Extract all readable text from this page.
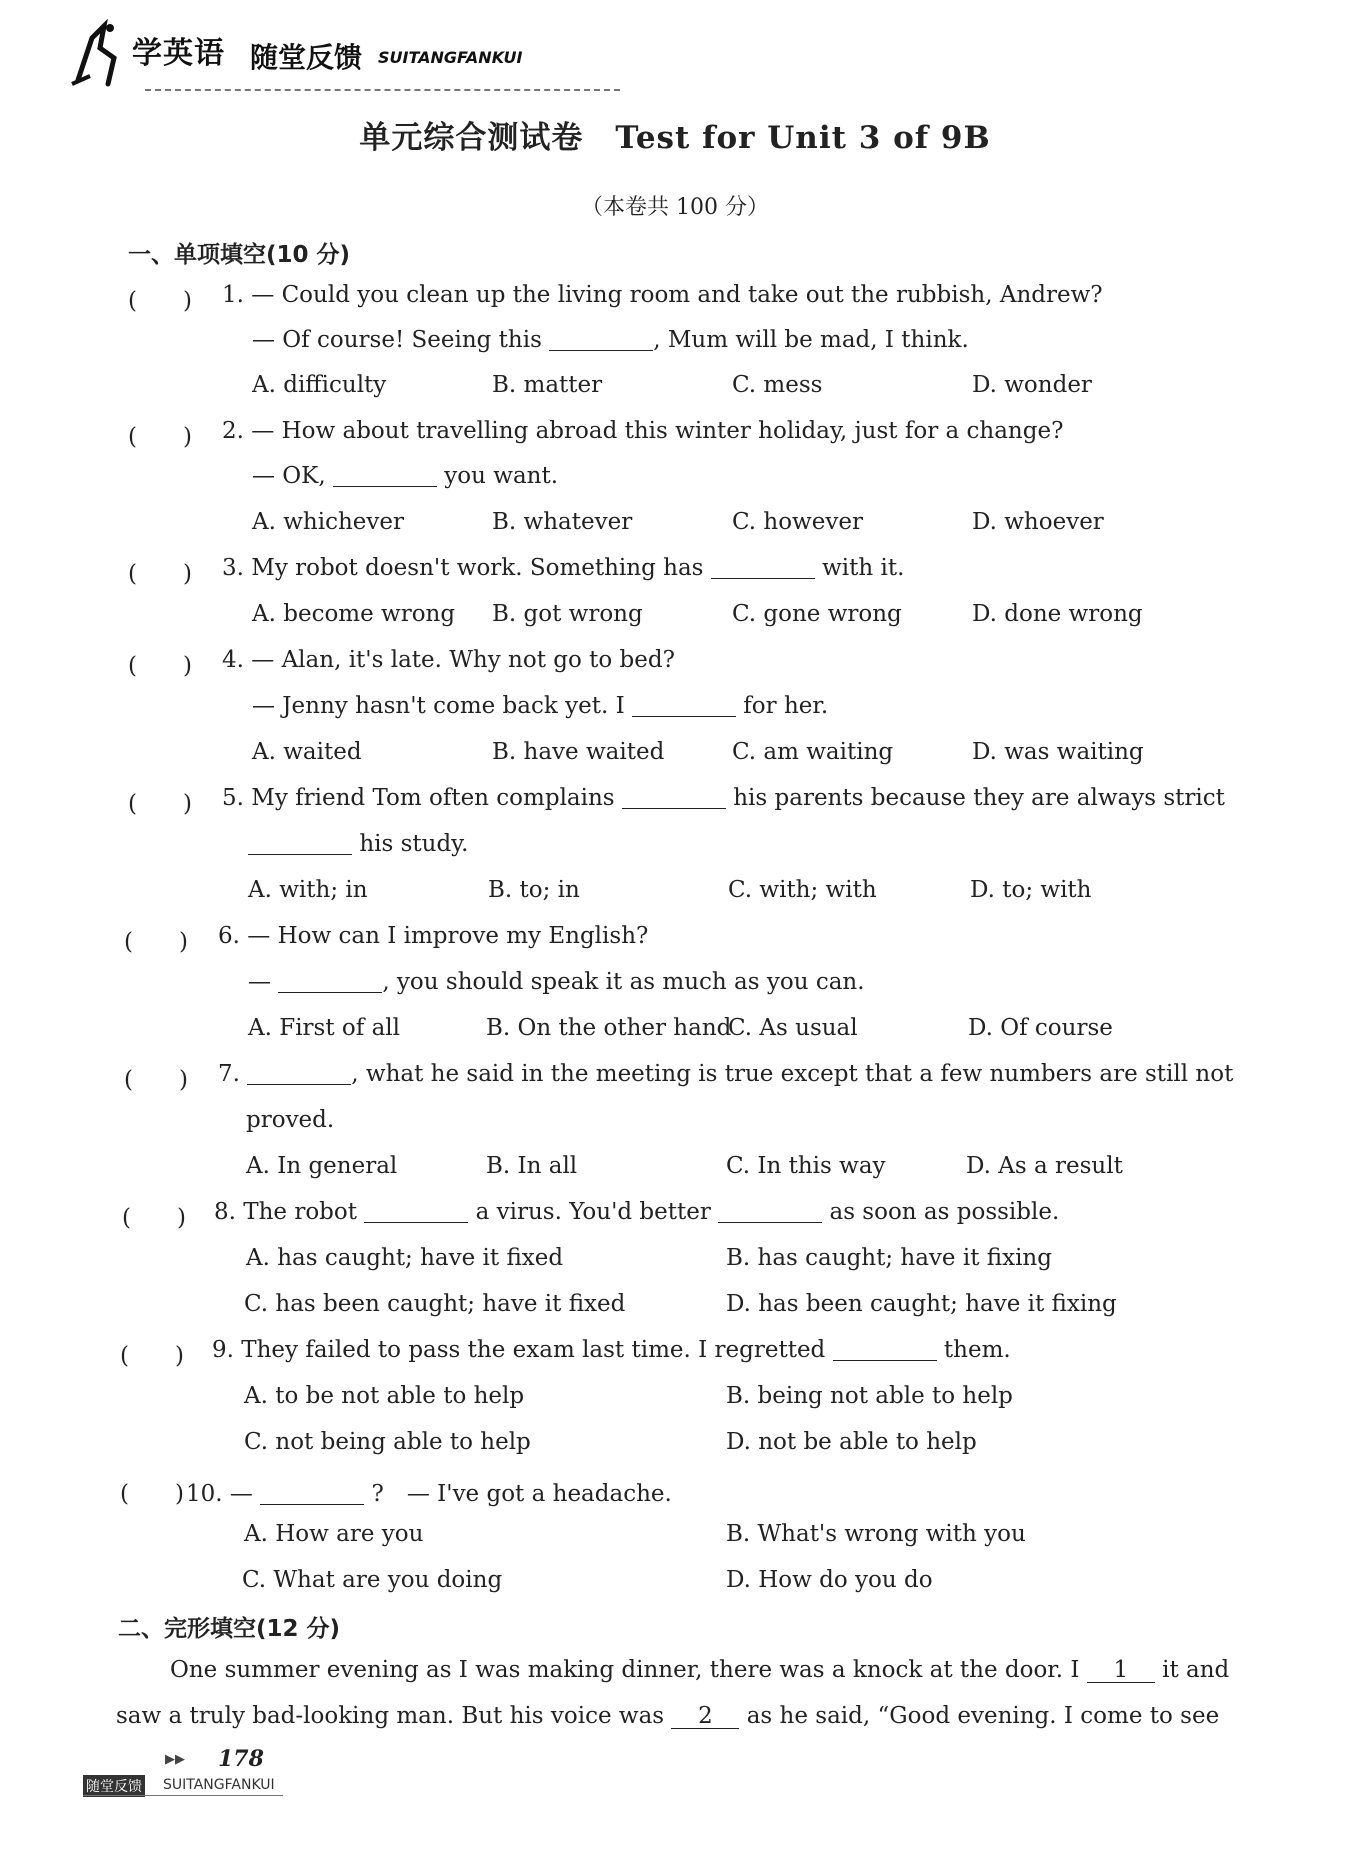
学英语 随堂反馈 SUITANGFANKUI
单元综合测试卷　Test for Unit 3 of 9B
（本卷共 100 分）
一、单项填空(10 分)
(　　) 1. — Could you clean up the living room and take out the rubbish, Andrew?
— Of course! Seeing this	, Mum will be mad, I think.
A. difficulty	B. matter	C. mess	D. wonder
(　　) 2. — How about travelling abroad this winter holiday, just for a change?
— OK,	you want.
A. whichever	B. whatever	C. however	D. whoever
(　　) 3. My robot doesn't work. Something has	with it.
A. become wrong B. got wrong	C. gone wrong	D. done wrong
(　　) 4. — Alan, it's late. Why not go to bed?
— Jenny hasn't come back yet. I	for her.
A. waited	B. have waited	C. am waiting	D. was waiting
(　　) 5. My friend Tom often complains	his parents because they are always strict
his study.
A. with; in	B. to; in	C. with; with	D. to; with
(　　) 6. — How can I improve my English?
—	, you should speak it as much as you can.
A. First of all	B. On the other hand
C. As usual	D. Of course
(　　) 7.	, what he said in the meeting is true except that a few numbers are still not
proved.
A. In general	B. In all	C. In this way	D. As a result
(　　) 8. The robot	a virus. You'd better	as soon as possible.
A. has caught; have it fixed	B. has caught; have it fixing
C. has been caught; have it fixed	D. has been caught; have it fixing
(　　) 9. They failed to pass the exam last time. I regretted	them.
A. to be not able to help	B. being not able to help
C. not being able to help	D. not be able to help
(　　) 10. —	?　— I've got a headache.
A. How are you	B. What's wrong with you
C. What are you doing	D. How do you do
二、完形填空(12 分)
One summer evening as I was making dinner, there was a knock at the door. I 1 it and
saw a truly bad-looking man. But his voice was 2 as he said, “Good evening. I come to see
▶▶ 178
随堂反馈 SUITANGFANKUI
